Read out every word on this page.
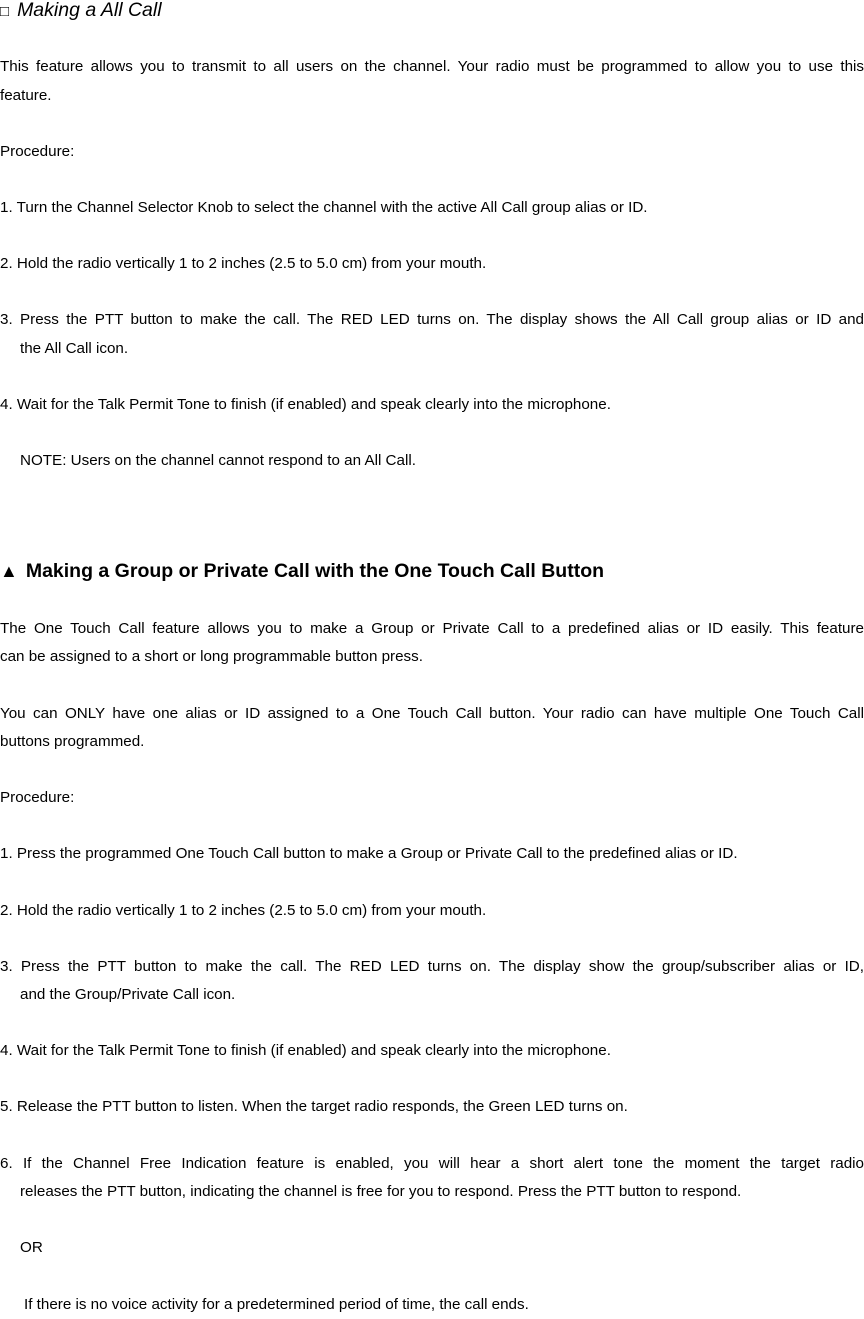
□ Making a All Call
This feature allows you to transmit to all users on the channel. Your radio must be programmed to allow you to use this
feature.
Procedure:
1. Turn the Channel Selector Knob to select the channel with the active All Call group alias or ID.
2. Hold the radio vertically 1 to 2 inches (2.5 to 5.0 cm) from your mouth.
3. Press the PTT button to make the call. The RED LED turns on. The display shows the All Call group alias or ID and
the All Call icon.
4. Wait for the Talk Permit Tone to finish (if enabled) and speak clearly into the microphone.
NOTE: Users on the channel cannot respond to an All Call.
▲ Making a Group or Private Call with the One Touch Call Button
The One Touch Call feature allows you to make a Group or Private Call to a predefined alias or ID easily. This feature
can be assigned to a short or long programmable button press.
You can ONLY have one alias or ID assigned to a One Touch Call button. Your radio can have multiple One Touch Call
buttons programmed.
Procedure:
1. Press the programmed One Touch Call button to make a Group or Private Call to the predefined alias or ID.
2. Hold the radio vertically 1 to 2 inches (2.5 to 5.0 cm) from your mouth.
3. Press the PTT button to make the call. The RED LED turns on. The display show the group/subscriber alias or ID,
and the Group/Private Call icon.
4. Wait for the Talk Permit Tone to finish (if enabled) and speak clearly into the microphone.
5. Release the PTT button to listen. When the target radio responds, the Green LED turns on.
6. If the Channel Free Indication feature is enabled, you will hear a short alert tone the moment the target radio
releases the PTT button, indicating the channel is free for you to respond. Press the PTT button to respond.
OR
If there is no voice activity for a predetermined period of time, the call ends.
